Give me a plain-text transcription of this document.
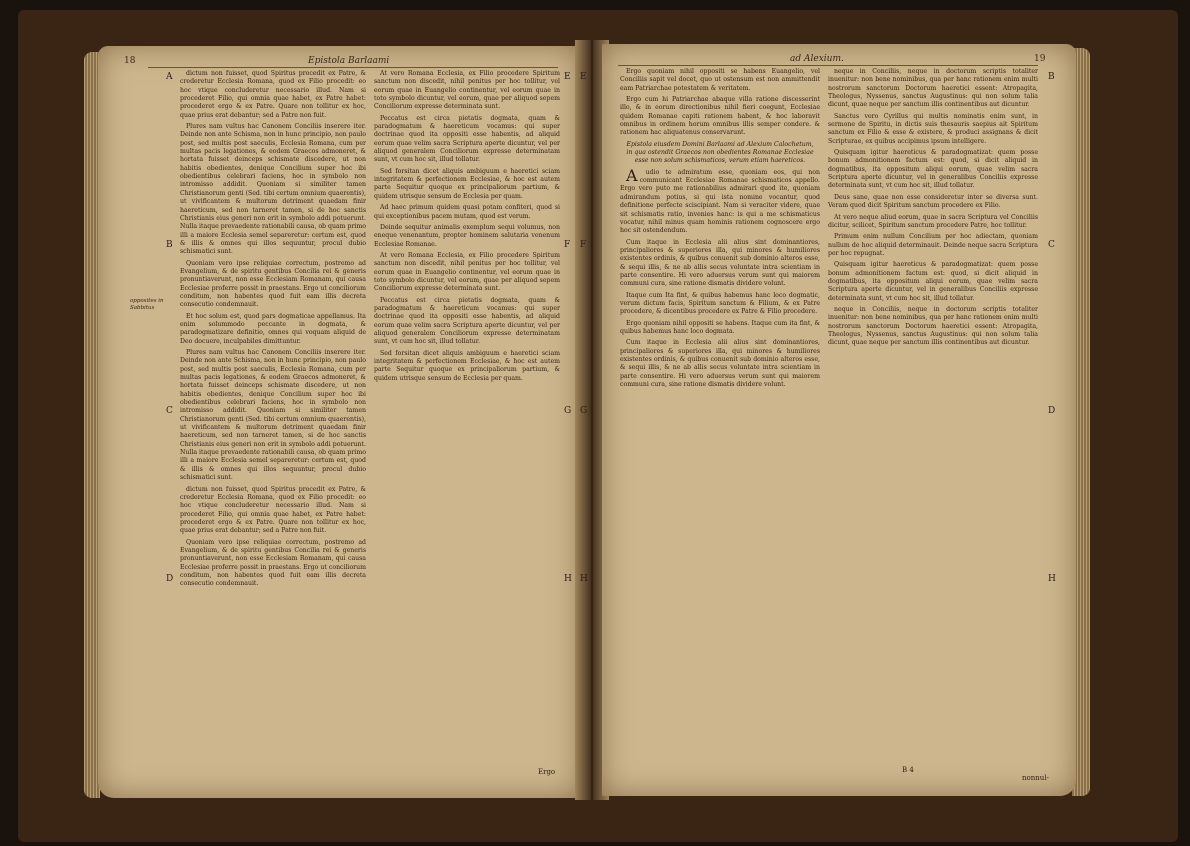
18	Epistola Barlaami
A
B
C
D
opposites in Sabbitus

dictum non fuisset, quod Spiritus procedit ex Patre, & crederetur Ecclesia Romana, quod ex Filio procedit: eo hoc vtique concluderetur necessario illud. Nam si procederet Filio, qui omnia quae habet, ex Patre habet: procederet ergo & ex Patre. Quare non tollitur ex hoc, quae prius erat debantur; sed a Patre non fuit.

Plures nam vultus hac Canonem Conciliis inserere iter. Deinde non ante Schisma, non in hunc principio, non paulo post, sed multis post saeculis, Ecclesia Romana, cum per multas pacis legationes, & eodem Graecos admoneret, & hortata fuisset deinceps schismate discedere, ut non habitis obedientes, denique Concilium super hoc ibi obedientibus celebrari faciens, hoc in symbolo non intromisso addidit. Quoniam si similiter tamen Christianorum genti (Sed. tibi certum omnium quaerentis), ut vivificantem & multorum detriment quaedam finir haereticum, sed non tarneret tamen, si de hoc sanctis Christianis eius generi non erit in symbolo addi potuerunt. Nulla itaque prevaedente rationabili causa, ob quam primo illi a maiore Ecclesia semel separeretur: certum est, quod & illis & omnes qui illos sequuntur, procul dubio schismatici sunt.

Quoniam vero ipse reliquiae correctum, postremo ad Evangelium, & de spiritu gentibus Concilia rei & generis pronuntiaverunt, non esse Ecclesiam Romanam, qui causa Ecclesiae proferre possit in praestans. Ergo ut conciliorum conditum, non habentes quod fuit eam illis decreta consecutio condemnauit.

Et hoc solum est, quod pars dogmaticae appellamus. Ita enim solummodo peccante in dogmata, & paradogmatizare definitio, omnes qui voquam aliquid de Deo docuere, inculpabiles dimittuntur.

Plures nam vultus hac Canonem Conciliis inserere iter. Deinde non ante Schisma, non in hunc principio, non paulo post, sed multis post saeculis, Ecclesia Romana, cum per multas pacis legationes, & eodem Graecos admoneret, & hortata fuisset deinceps schismate discedere, ut non habitis obedientes, denique Concilium super hoc ibi obedientibus celebrari faciens, hoc in symbolo non intromisso addidit. Quoniam si similiter tamen Christianorum genti (Sed. tibi certum omnium quaerentis), ut vivificantem & multorum detriment quaedam finir haereticum, sed non tarneret tamen, si de hoc sanctis Christianis eius generi non erit in symbolo addi potuerunt. Nulla itaque prevaedente rationabili causa, ob quam primo illi a maiore Ecclesia semel separeretur: certum est, quod & illis & omnes qui illos sequuntur, procul dubio schismatici sunt.

dictum non fuisset, quod Spiritus procedit ex Patre, & crederetur Ecclesia Romana, quod ex Filio procedit: eo hoc vtique concluderetur necessario illud. Nam si procederet Filio, qui omnia quae habet, ex Patre habet: procederet ergo & ex Patre. Quare non tollitur ex hoc, quae prius erat debantur; sed a Patre non fuit.

Quoniam vero ipse reliquiae correctum, postremo ad Evangelium, & de spiritu gentibus Concilia rei & generis pronuntiaverunt, non esse Ecclesiam Romanam, qui causa Ecclesiae proferre possit in praestans. Ergo ut conciliorum conditum, non habentes quod fuit eam illis decreta consecutio condemnauit.

At vero Romana Ecclesia, ex Filio procedere Spiritum sanctum non discedit, nihil penitus per hoc tollitur, vel eorum quae in Euangelio continentur, vel eorum quae in toto symbolo dicuntur, vel eorum, quae per aliquod sepem Conciliorum expresse determinata sunt.

Peccatus est circa pietatis dogmata, quam & paradogmatum & haereticum vocamus: qui super doctrinae quod ita oppositi esse habentis, ad aliquid eorum quae velim sacra Scriptura aperte dicuntur, vel per aliquod generalem Conciliorum expresse determinatam sunt, vt cum hoc sit, illud tollatur.

Sed forsitan dicet aliquis ambiguum e haeretici sciam integritatem & perfectionem Ecclesiae, & hoc est autem parte Sequitur quoque ex principaliorum partium, & quidem utrisque sensum de Ecclesia per quam.

Ad haec primum quidem quasi potam confiteri, quod si qui exceptionibus pacem mutam, quod est verum.

Deinde sequitur animalis exemplum sequi volumus, non eneque venenantum, propter hominem salutaria venenum Ecclesiae Romanae.

At vero Romana Ecclesia, ex Filio procedere Spiritum sanctum non discedit, nihil penitus per hoc tollitur, vel eorum quae in Euangelio continentur, vel eorum quae in toto symbolo dicuntur, vel eorum, quae per aliquod sepem Conciliorum expresse determinata sunt.

Peccatus est circa pietatis dogmata, quam & paradogmatum & haereticum vocamus: qui super doctrinae quod ita oppositi esse habentis, ad aliquid eorum quae velim sacra Scriptura aperte dicuntur, vel per aliquod generalem Conciliorum expresse determinatam sunt, vt cum hoc sit, illud tollatur.

Sed forsitan dicet aliquis ambiguum e haeretici sciam integritatem & perfectionem Ecclesiae, & hoc est autem parte Sequitur quoque ex principaliorum partium, & quidem utrisque sensum de Ecclesia per quam.

E
F
G
H
Ergo
ad Alexium.	19

Ergo quoniam nihil oppositi se habens Euangelio, vel Conciliis sapit vel docet, quo ut ostensum est non ammittendit eam Patriarchae potestatem & veritatem.

Ergo cum hi Patriarchae abaque villa ratione discesserint illo, & in eorum directionibus nihil fieri coegunt, Ecclesiae quidem Romanae capiti rationem habent, & hoc laboravit omnibus in ordinem horum omnibus illis semper condere. & rationem hac aliquatenus conservarunt.

Epistola eiusdem Domini Barlaami ad Alexium Calochetum, in qua ostendit Graecos non obedientes Romanae Ecclesiae esse non solum schismaticos, verum etiam haereticos.

Audio te admiratum esse, quoniam eos, qui non communicant Ecclesiae Romanae schismaticos appello. Ergo vero puto me rationabilius admirari quod ite, quoniam admirandum potius, si qui ista nomine vocantur, quod definitione perfecte sciscipiant. Nam si veraciter videre, quae sit schismatis ratio, invenies hanc: is qui a me schismaticus vocatur, nihil minus quam hominis rationem cognoscere ergo hoc sit ostendendum.

Cum itaque in Ecclesia alii alius sint dominantiores, principaliores & superiores illa, qui minores & humiliores existentes ordinis, & quibus conuenit sub dominio alteros esse, & sequi illis, & ne ab allis secus voluntate intra scientiam in parte consentire. Hi vero aduersus verum sunt qui maiorem communi cura, sine ratione dismatis dividere volunt.

Itaque cum Ita fint, & quibus habemus hanc loco dogmatic, verum dictum facis, Spiritum sanctum & Filium, & ex Patre procedere, & dicentibus procedere ex Patre & Filio procedere.

Ergo quoniam nihil oppositi se habens. Itaque cum ita fint, & quibus habemus hanc loco dogmata.

Cum itaque in Ecclesia alii alius sint dominantiores, principaliores & superiores illa, qui minores & humiliores existentes ordinis, & quibus conuenit sub dominio alteros esse, & sequi illis, & ne ab allis secus voluntate intra scientiam in parte consentire. Hi vero aduersus verum sunt qui maiorem communi cura, sine ratione dismatis dividere volunt.

neque in Conciliis, neque in doctorum scriptis totaliter inuenitur: non bene nominibus, qua per hanc rationem enim multi nostrorum sanctorum Doctorum haeretici essent: Atropagita, Theologus, Nyssenus, sanctus Augustinus: qui non solum talia dicunt, quae neque per sanctum illis continentibus aut dicuntur.

Sanctus vero Cyrillus qui multis nominatis enim sunt, in sermone de Spiritu, in dictis suis thesauris saepius ait Spiritum sanctum ex Filio & esse & existere, & produci assignans & dicit Scripturae, ex quibus accipimus ipsum intelligere.

Quisquam igitur haereticus & paradogmatizat: quem posse bonum admonitionem factum est: quod, si dicit aliquid in dogmatibus, ita oppositum aliqui eorum, quae velim sacra Scriptura aperte dicuntur, vel in generalibus Conciliis expresse determinata sunt, vt cum hoc sit, illud tollatur.

Deus sane, quae non esse consideretur inter se diversa sunt. Veram quod dicit Spiritum sanctum procedere ex Filio.

At vero neque aliud eorum, quae in sacra Scriptura vel Conciliis dicitur, scilicet, Spiritum sanctum procedere Patre, hoc tollitur.

Primum enim nullum Concilium per hoc adiectam, quoniam nullum de hoc aliquid determinauit. Deinde neque sacra Scriptura per hoc repugnat.

Quisquam igitur haereticus & paradogmatizat: quem posse bonum admonitionem factum est: quod, si dicit aliquid in dogmatibus, ita oppositum aliqui eorum, quae velim sacra Scriptura aperte dicuntur, vel in generalibus Conciliis expresse determinata sunt, vt cum hoc sit, illud tollatur.

neque in Conciliis, neque in doctorum scriptis totaliter inuenitur: non bene nominibus, qua per hanc rationem enim multi nostrorum sanctorum Doctorum haeretici essent: Atropagita, Theologus, Nyssenus, sanctus Augustinus: qui non solum talia dicunt, quae neque per sanctum illis continentibus aut dicuntur.

E
F
G
H
B
C
D
H
B 4
nonnul-
